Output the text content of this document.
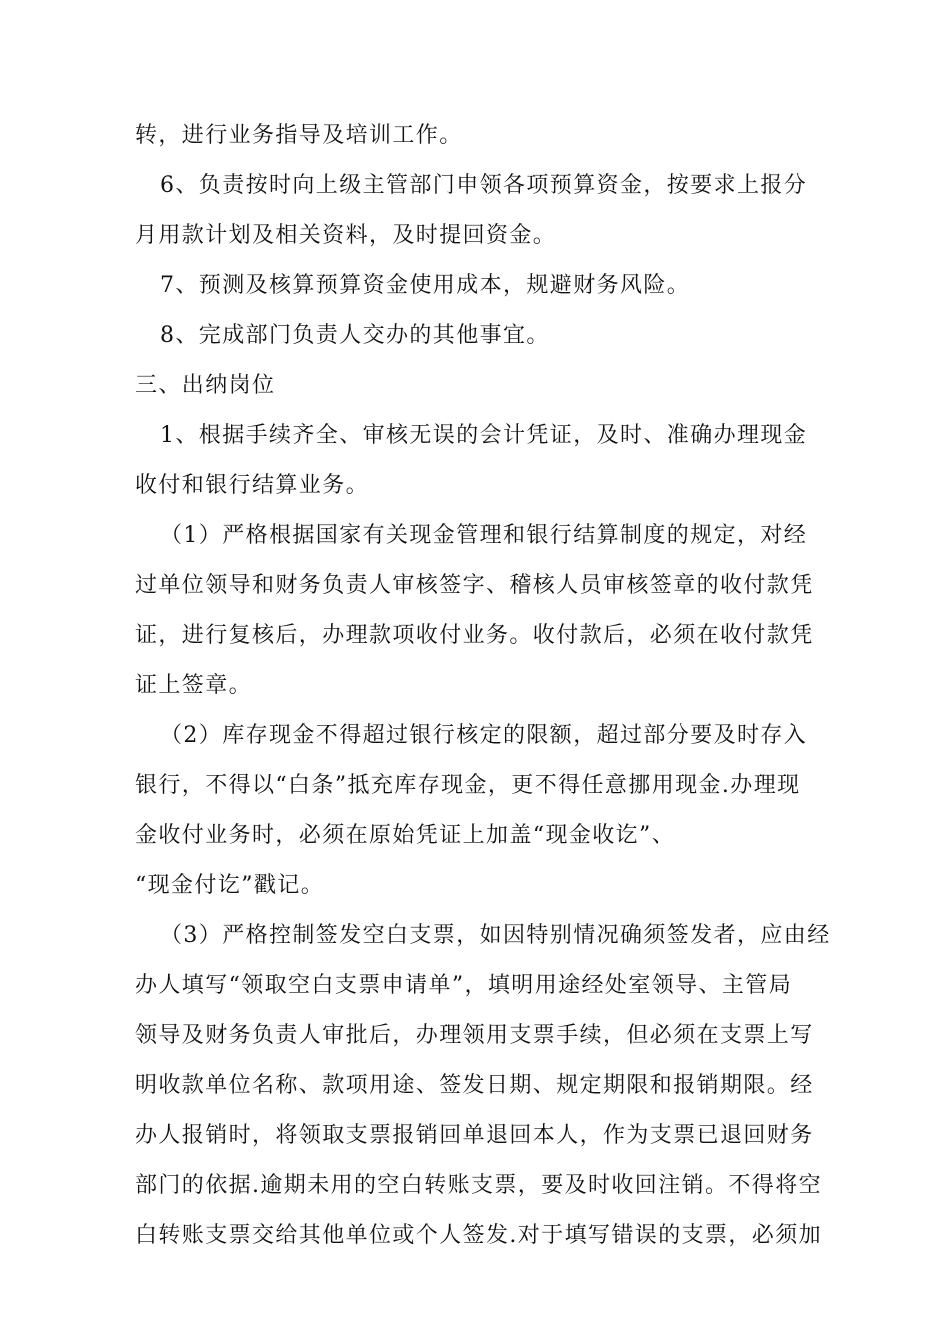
转，进行业务指导及培训工作。
6、负责按时向上级主管部门申领各项预算资金，按要求上报分
月用款计划及相关资料，及时提回资金。
7、预测及核算预算资金使用成本，规避财务风险。
8、完成部门负责人交办的其他事宜。
三、出纳岗位
1、根据手续齐全、审核无误的会计凭证，及时、准确办理现金
收付和银行结算业务。
（1）严格根据国家有关现金管理和银行结算制度的规定，对经
过单位领导和财务负责人审核签字、稽核人员审核签章的收付款凭
证，进行复核后，办理款项收付业务。收付款后，必须在收付款凭
证上签章。
（2）库存现金不得超过银行核定的限额，超过部分要及时存入
银行，不得以“白条”抵充库存现金，更不得任意挪用现金.办理现
金收付业务时，必须在原始凭证上加盖“现金收讫”、
“现金付讫”戳记。
（3）严格控制签发空白支票，如因特别情况确须签发者，应由经
办人填写“领取空白支票申请单”，填明用途经处室领导、主管局
领导及财务负责人审批后，办理领用支票手续，但必须在支票上写
明收款单位名称、款项用途、签发日期、规定期限和报销期限。经
办人报销时，将领取支票报销回单退回本人，作为支票已退回财务
部门的依据.逾期未用的空白转账支票，要及时收回注销。不得将空
白转账支票交给其他单位或个人签发.对于填写错误的支票，必须加
